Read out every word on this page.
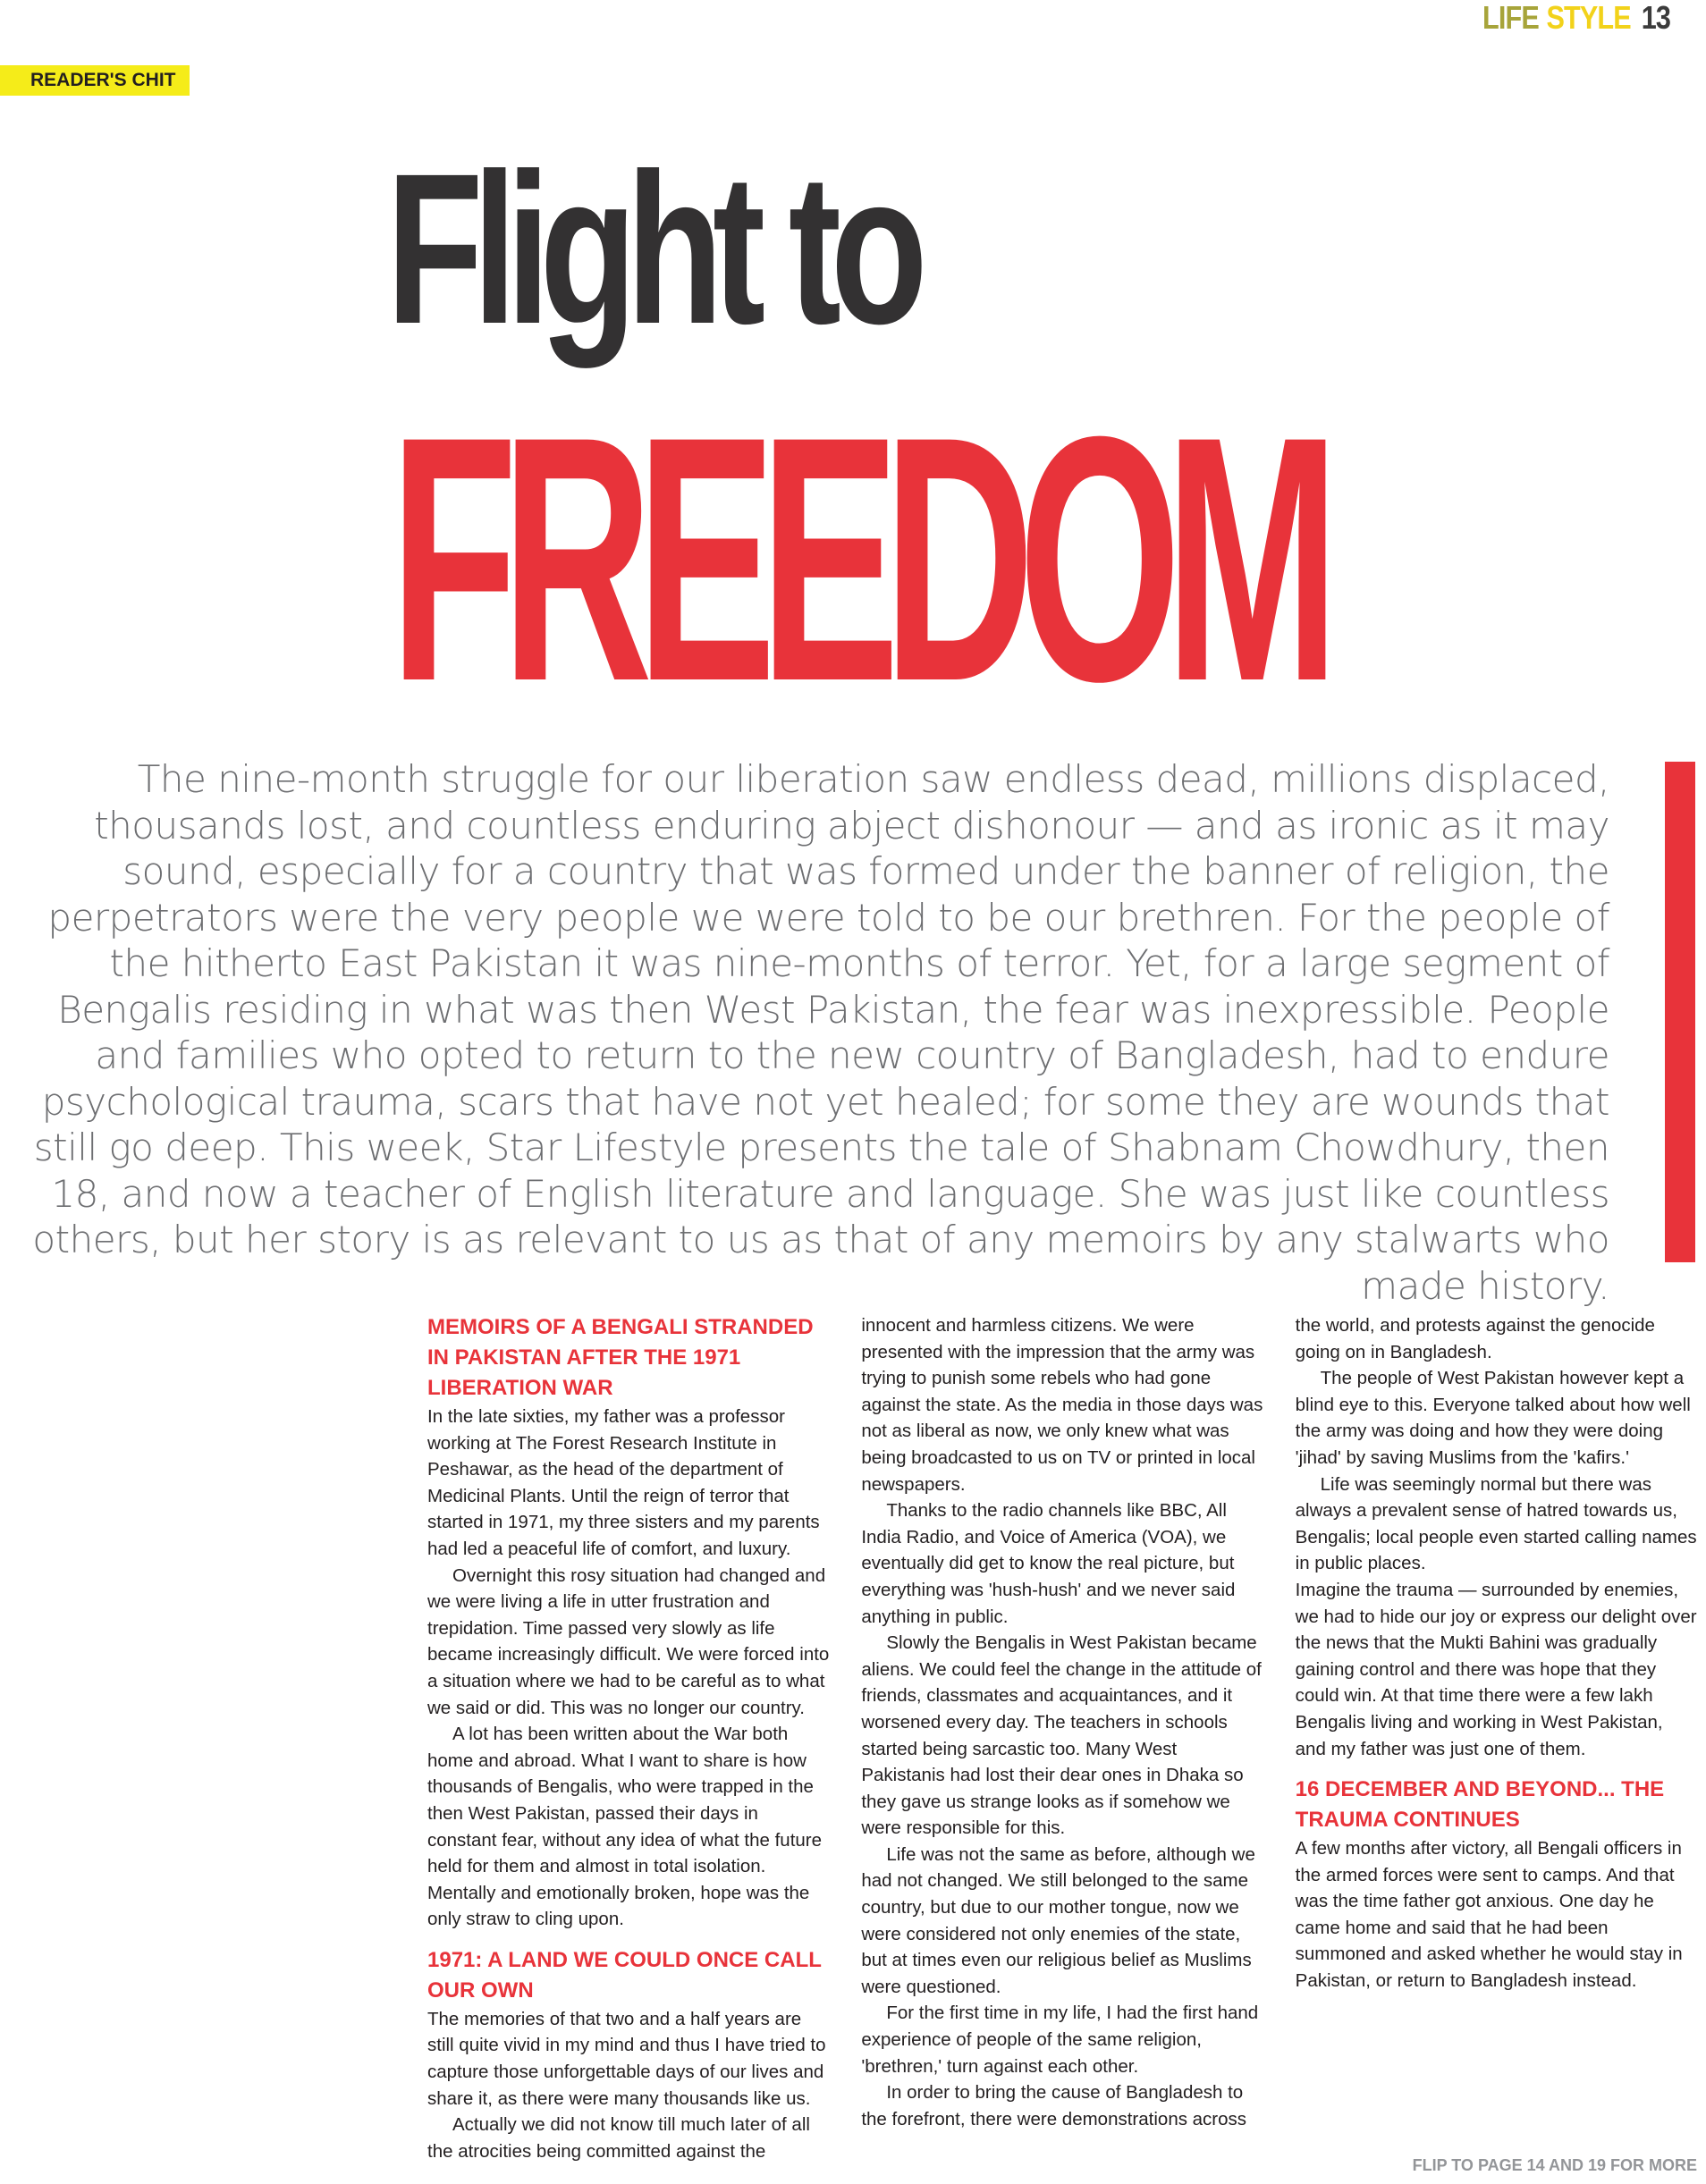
LIFE STYLE 13
READER'S CHIT
Flight to
FREEDOM
The nine-month struggle for our liberation saw endless dead, millions displaced, thousands lost, and countless enduring abject dishonour — and as ironic as it may sound, especially for a country that was formed under the banner of religion, the perpetrators were the very people we were told to be our brethren. For the people of the hitherto East Pakistan it was nine-months of terror. Yet, for a large segment of Bengalis residing in what was then West Pakistan, the fear was inexpressible. People and families who opted to return to the new country of Bangladesh, had to endure psychological trauma, scars that have not yet healed; for some they are wounds that still go deep. This week, Star Lifestyle presents the tale of Shabnam Chowdhury, then 18, and now a teacher of English literature and language. She was just like countless others, but her story is as relevant to us as that of any memoirs by any stalwarts who made history.
MEMOIRS OF A BENGALI STRANDED IN PAKISTAN AFTER THE 1971 LIBERATION WAR

In the late sixties, my father was a professor working at The Forest Research Institute in Peshawar, as the head of the department of Medicinal Plants. Until the reign of terror that started in 1971, my three sisters and my parents had led a peaceful life of comfort, and luxury.

Overnight this rosy situation had changed and we were living a life in utter frustration and trepidation. Time passed very slowly as life became increasingly difficult. We were forced into a situation where we had to be careful as to what we said or did. This was no longer our country.

A lot has been written about the War both home and abroad. What I want to share is how thousands of Bengalis, who were trapped in the then West Pakistan, passed their days in constant fear, without any idea of what the future held for them and almost in total isolation. Mentally and emotionally broken, hope was the only straw to cling upon.

1971: A LAND WE COULD ONCE CALL OUR OWN

The memories of that two and a half years are still quite vivid in my mind and thus I have tried to capture those unforgettable days of our lives and share it, as there were many thousands like us.

Actually we did not know till much later of all the atrocities being committed against the innocent and harmless citizens. We were presented with the impression that the army was trying to punish some rebels who had gone against the state. As the media in those days was not as liberal as now, we only knew what was being broadcasted to us on TV or printed in local newspapers.

Thanks to the radio channels like BBC, All India Radio, and Voice of America (VOA), we eventually did get to know the real picture, but everything was 'hush-hush' and we never said anything in public.

Slowly the Bengalis in West Pakistan became aliens. We could feel the change in the attitude of friends, classmates and acquaintances, and it worsened every day. The teachers in schools started being sarcastic too. Many West Pakistanis had lost their dear ones in Dhaka so they gave us strange looks as if somehow we were responsible for this.

Life was not the same as before, although we had not changed. We still belonged to the same country, but due to our mother tongue, now we were considered not only enemies of the state, but at times even our religious belief as Muslims were questioned.

For the first time in my life, I had the first hand experience of people of the same religion, 'brethren,' turn against each other.

In order to bring the cause of Bangladesh to the forefront, there were demonstrations across the world, and protests against the genocide going on in Bangladesh.

The people of West Pakistan however kept a blind eye to this. Everyone talked about how well the army was doing and how they were doing 'jihad' by saving Muslims from the 'kafirs.'

Life was seemingly normal but there was always a prevalent sense of hatred towards us, Bengalis; local people even started calling names in public places.

Imagine the trauma — surrounded by enemies, we had to hide our joy or express our delight over the news that the Mukti Bahini was gradually gaining control and there was hope that they could win. At that time there were a few lakh Bengalis living and working in West Pakistan, and my father was just one of them.

16 DECEMBER AND BEYOND... THE TRAUMA CONTINUES

A few months after victory, all Bengali officers in the armed forces were sent to camps. And that was the time father got anxious. One day he came home and said that he had been summoned and asked whether he would stay in Pakistan, or return to Bangladesh instead.

FLIP TO PAGE 14 AND 19 FOR MORE
